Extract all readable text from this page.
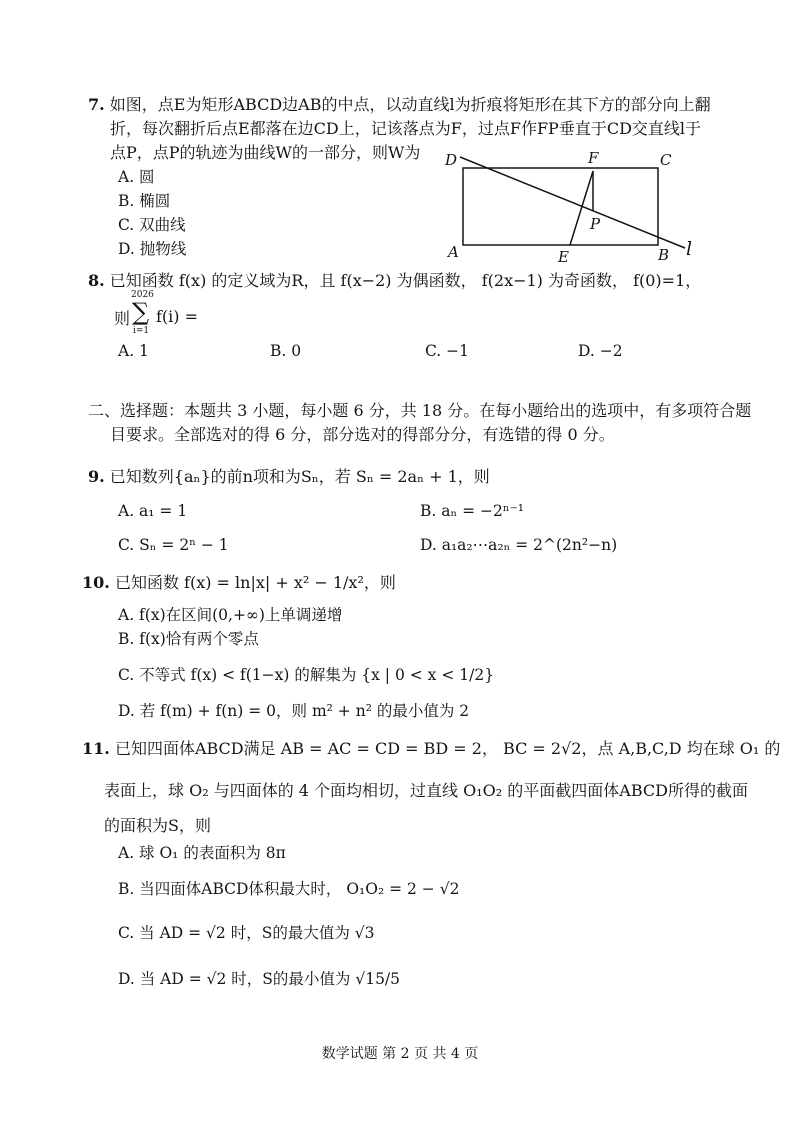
7. 如图，点E为矩形ABCD边AB的中点，以动直线l为折痕将矩形在其下方的部分向上翻
折，每次翻折后点E都落在边CD上，记该落点为F，过点F作FP垂直于CD交直线l于
点P，点P的轨迹为曲线W的一部分，则W为
A. 圆
B. 椭圆
C. 双曲线
D. 抛物线
D	F	C
P
A	E	B l
8. 已知函数 f(x) 的定义域为R，且 f(x−2) 为偶函数， f(2x−1) 为奇函数， f(0)=1，
则
2026
∑
i=1
f(i) =
A. 1	B. 0	C. −1	D. −2
二、选择题：本题共 3 小题，每小题 6 分，共 18 分。在每小题给出的选项中，有多项符合题
目要求。全部选对的得 6 分，部分选对的得部分分，有选错的得 0 分。
9. 已知数列{aₙ}的前n项和为Sₙ，若 Sₙ = 2aₙ + 1，则
A. a₁ = 1	B. aₙ = −2ⁿ⁻¹
C. Sₙ = 2ⁿ − 1	D. a₁a₂⋯a₂ₙ = 2^(2n²−n)
10. 已知函数 f(x) = ln|x| + x² − 1/x²，则
A. f(x)在区间(0,+∞)上单调递增
B. f(x)恰有两个零点
C. 不等式 f(x) < f(1−x) 的解集为 {x | 0 < x < 1/2}
D. 若 f(m) + f(n) = 0，则 m² + n² 的最小值为 2
11. 已知四面体ABCD满足 AB = AC = CD = BD = 2， BC = 2√2，点 A,B,C,D 均在球 O₁ 的
表面上，球 O₂ 与四面体的 4 个面均相切，过直线 O₁O₂ 的平面截四面体ABCD所得的截面
的面积为S，则
A. 球 O₁ 的表面积为 8π
B. 当四面体ABCD体积最大时， O₁O₂ = 2 − √2
C. 当 AD = √2 时，S的最大值为 √3
D. 当 AD = √2 时，S的最小值为 √15/5
数学试题 第 2 页 共 4 页
